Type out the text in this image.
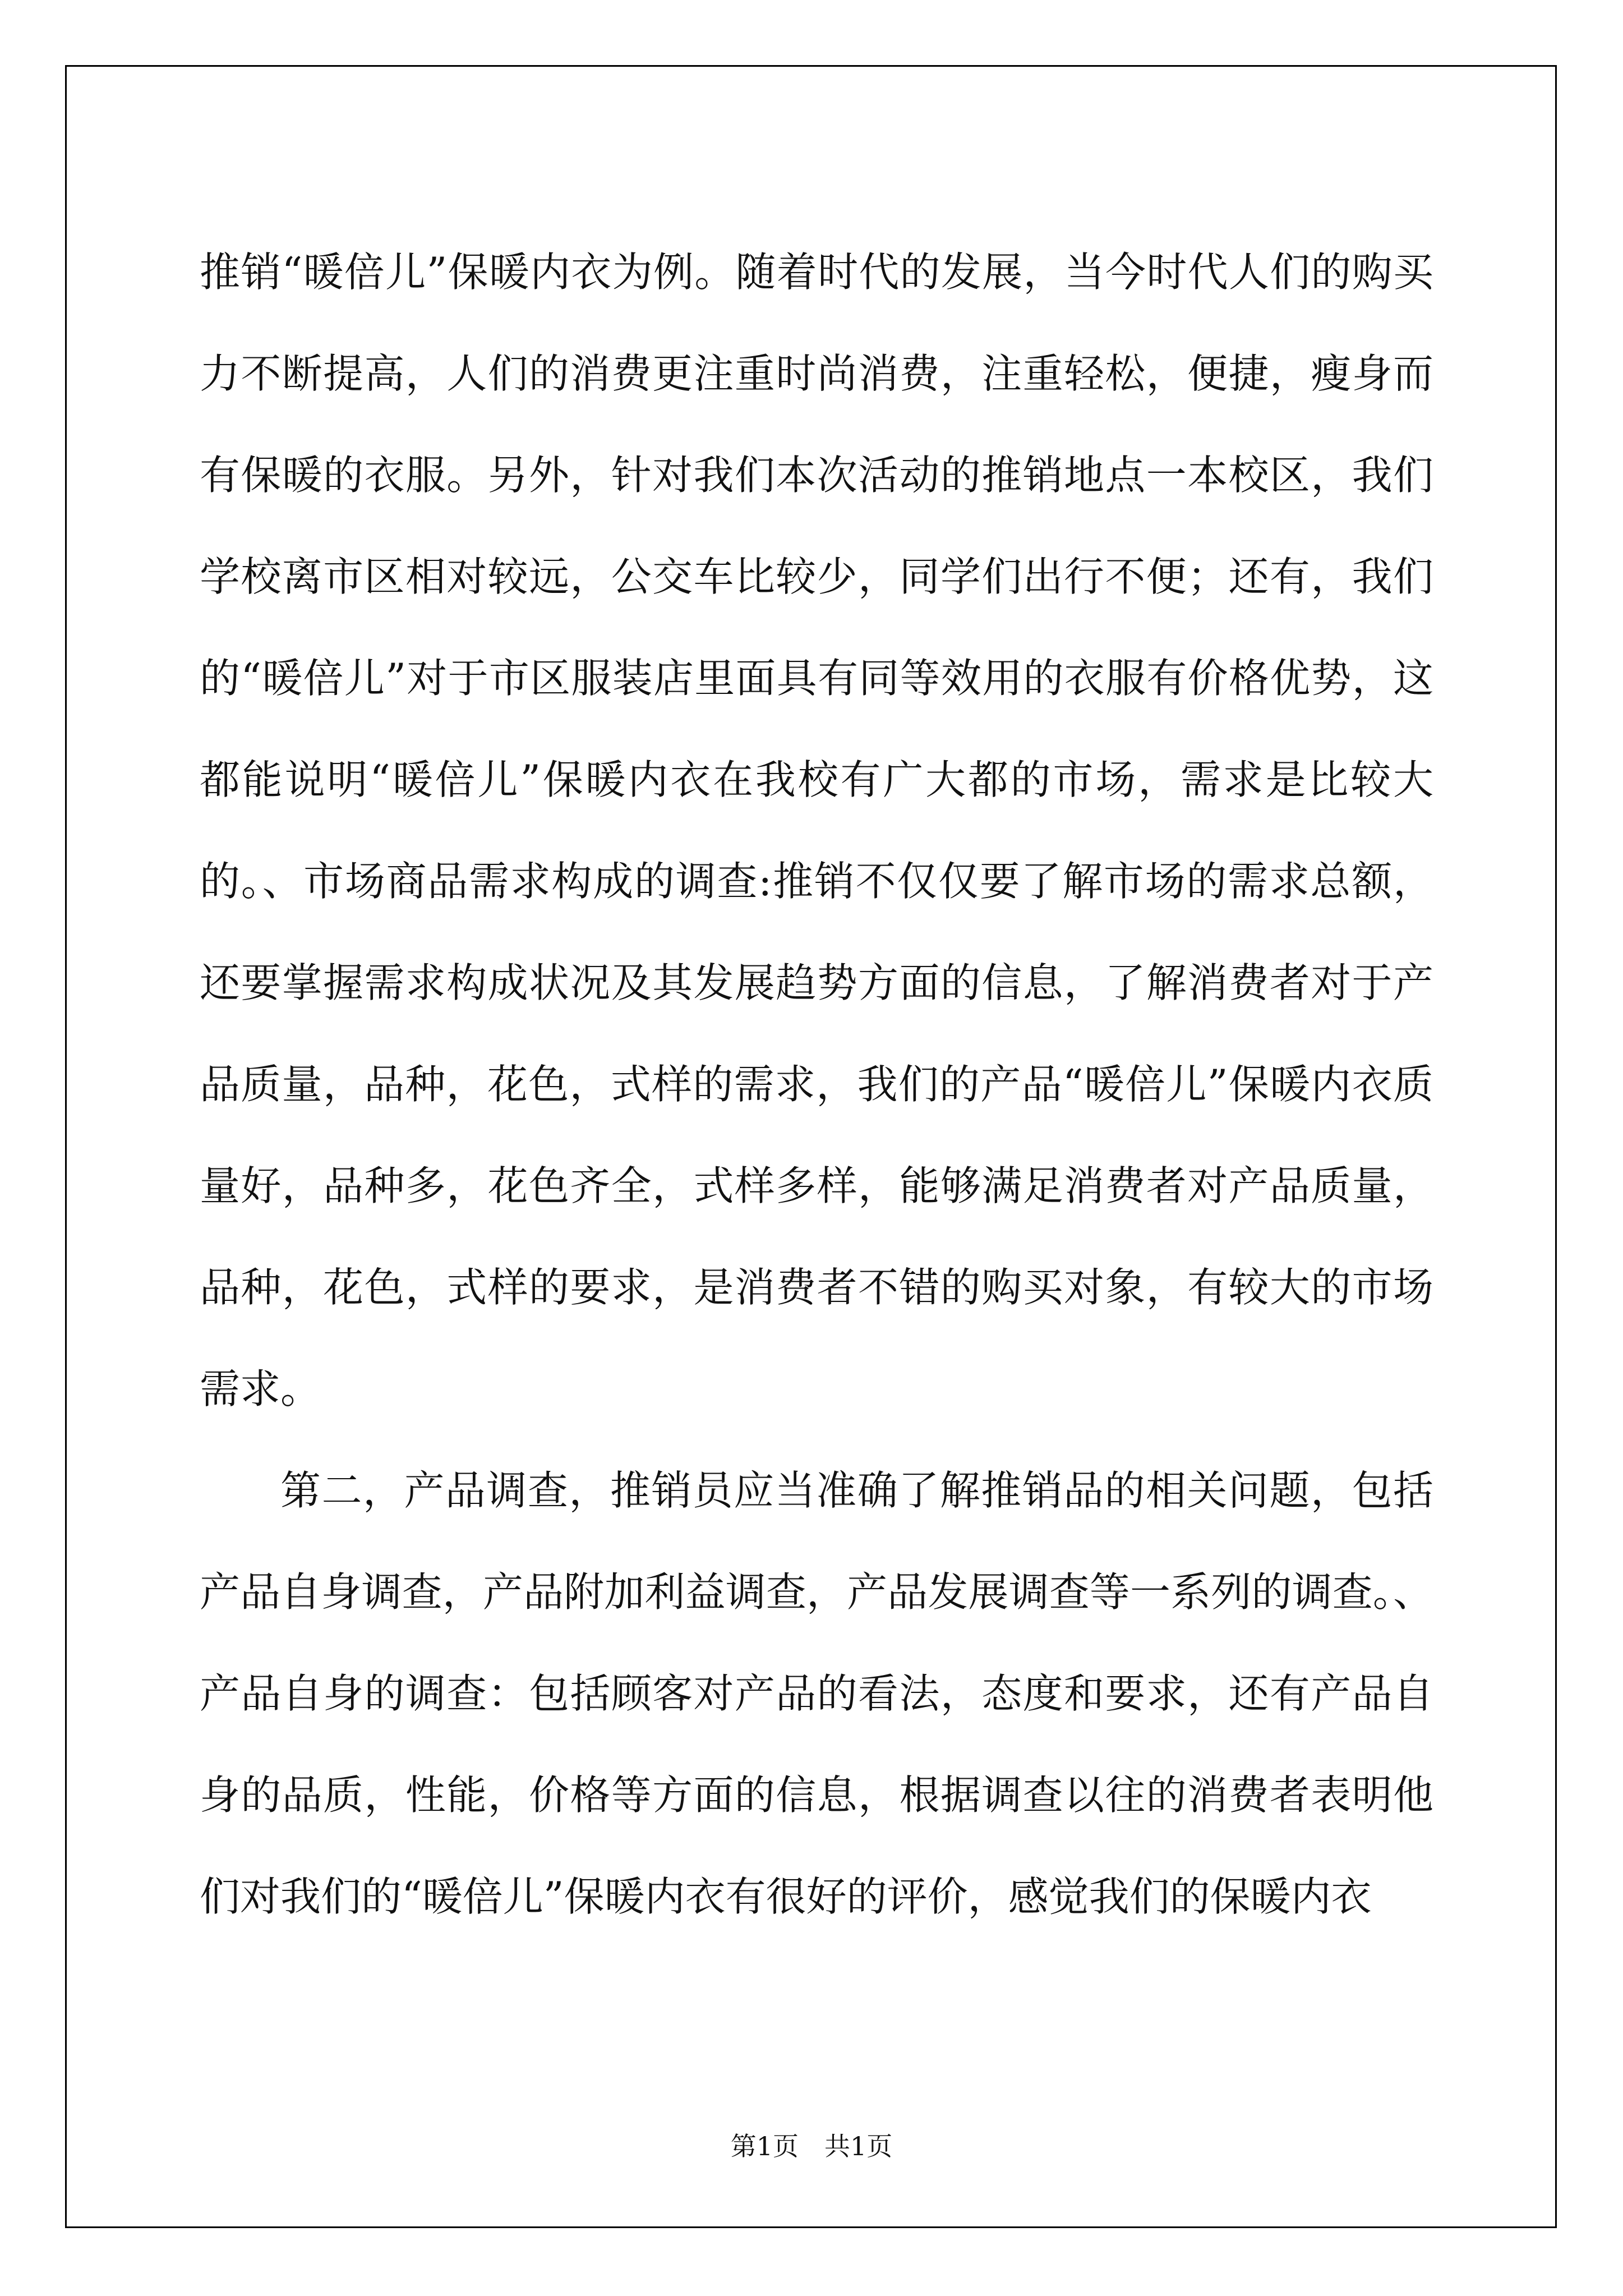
推销“暖倍儿”保暖内衣为例。随着时代的发展，当今时代人们的购买力不断提高，人们的消费更注重时尚消费，注重轻松，便捷，瘦身而有保暖的衣服。另外，针对我们本次活动的推销地点一本校区，我们学校离市区相对较远，公交车比较少，同学们出行不便；还有，我们的“暖倍儿”对于市区服装店里面具有同等效用的衣服有价格优势，这都能说明“暖倍儿”保暖内衣在我校有广大都的市场，需求是比较大的。、市场商品需求构成的调查:推销不仅仅要了解市场的需求总额，还要掌握需求构成状况及其发展趋势方面的信息，了解消费者对于产品质量，品种，花色，式样的需求，我们的产品“暖倍儿”保暖内衣质量好，品种多，花色齐全，式样多样，能够满足消费者对产品质量，品种，花色，式样的要求，是消费者不错的购买对象，有较大的市场需求。

第二，产品调查，推销员应当准确了解推销品的相关问题，包括产品自身调查，产品附加利益调查，产品发展调查等一系列的调查。、产品自身的调查：包括顾客对产品的看法，态度和要求，还有产品自身的品质，性能，价格等方面的信息，根据调查以往的消费者表明他们对我们的“暖倍儿”保暖内衣有很好的评价，感觉我们的保暖内衣

第1页　共1页
